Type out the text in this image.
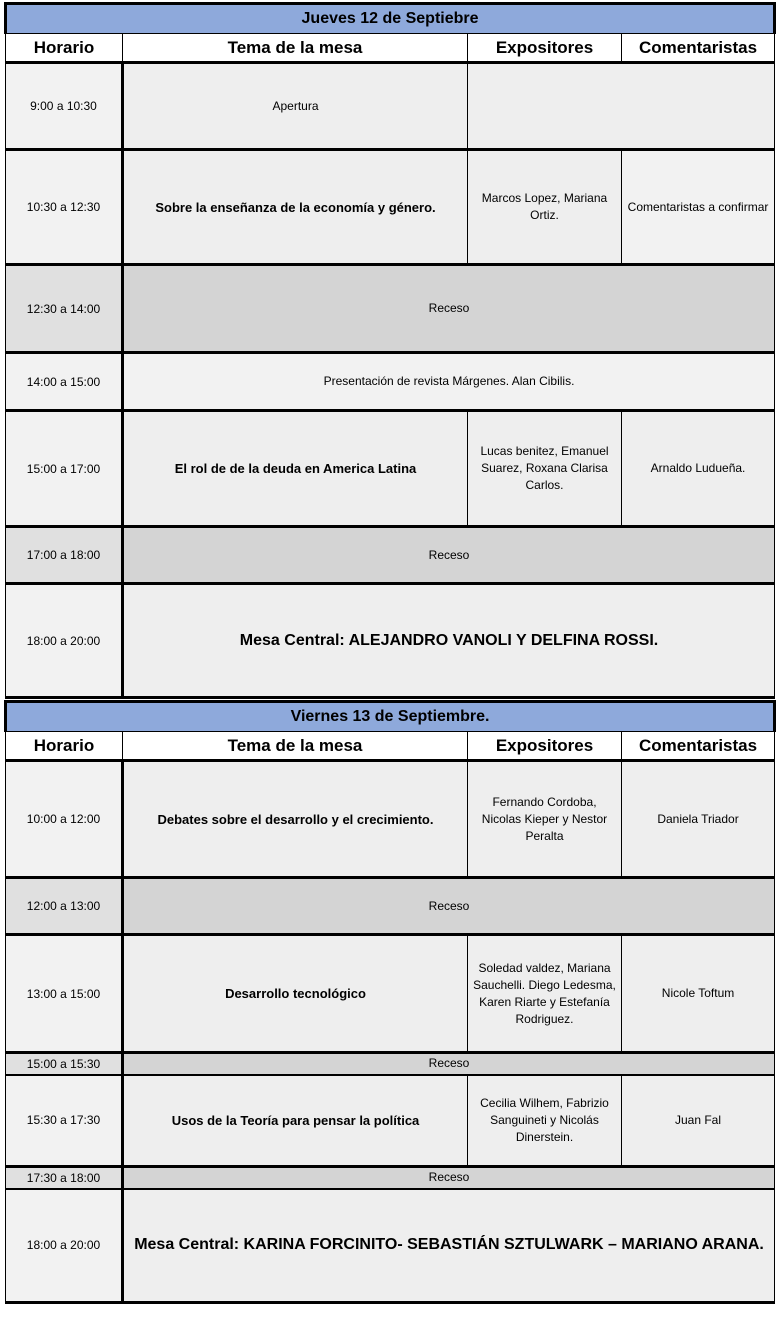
Jueves 12 de Septiebre			
Horario	Tema de la mesa	Expositores	Comentaristas
9:00 a 10:30	Apertura		
10:30 a 12:30	Sobre la enseñanza de la economía y género.	Marcos Lopez, Mariana Ortiz.	Comentaristas a confirmar
12:30 a 14:00	Receso		
14:00 a 15:00	Presentación de revista Márgenes. Alan Cibilis.		
15:00 a 17:00	El rol de de la deuda en America Latina	Lucas benitez, Emanuel Suarez, Roxana Clarisa Carlos.	Arnaldo Ludueña.
17:00 a 18:00	Receso		
18:00 a 20:00	Mesa Central: ALEJANDRO VANOLI Y DELFINA ROSSI.		
Viernes 13 de Septiembre.			
Horario	Tema de la mesa	Expositores	Comentaristas
10:00 a 12:00	Debates sobre el desarrollo y el crecimiento.	Fernando Cordoba, Nicolas Kieper y Nestor Peralta	Daniela Triador
12:00 a 13:00	Receso		
13:00 a 15:00	Desarrollo tecnológico	Soledad valdez, Mariana Sauchelli. Diego Ledesma, Karen Riarte y Estefanía Rodriguez.	Nicole Toftum
15:00 a 15:30	Receso		
15:30 a 17:30	Usos de la Teoría para pensar la política	Cecilia Wilhem, Fabrizio Sanguineti y Nicolás Dinerstein.	Juan Fal
17:30 a 18:00	Receso		
18:00 a 20:00	Mesa Central: KARINA FORCINITO- SEBASTIÁN SZTULWARK – MARIANO ARANA.		
